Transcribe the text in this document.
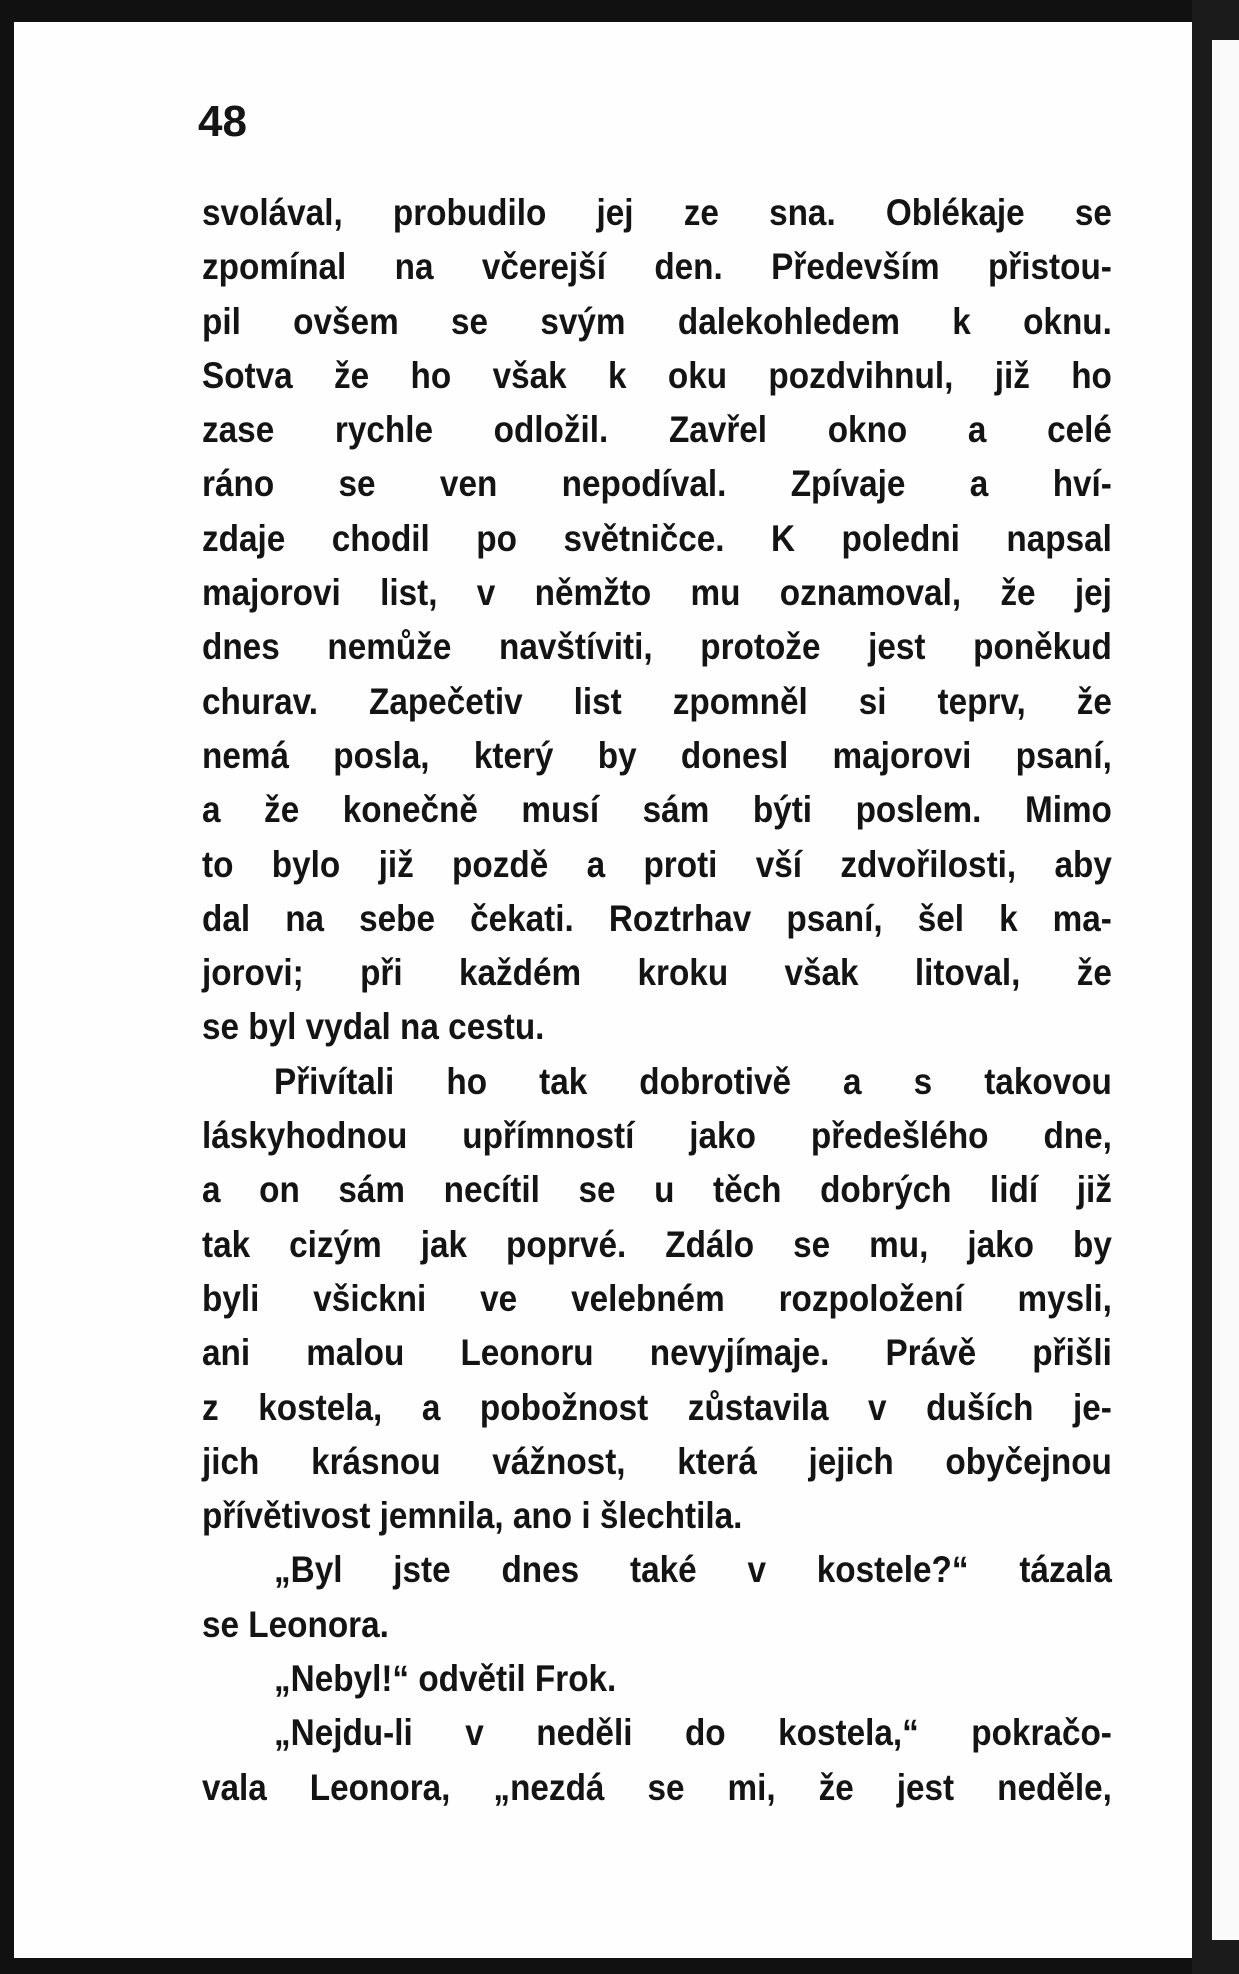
48

svolával, probudilo jej ze sna. Oblékaje se
zpomínal na včerejší den. Především přistou-
pil ovšem se svým dalekohledem k oknu.
Sotva že ho však k oku pozdvihnul, již ho
zase rychle odložil. Zavřel okno a celé
ráno se ven nepodíval. Zpívaje a hví-
zdaje chodil po světničce. K poledni napsal
majorovi list, v němžto mu oznamoval, že jej
dnes nemůže navštíviti, protože jest poněkud
churav. Zapečetiv list zpomněl si teprv, že
nemá posla, který by donesl majorovi psaní,
a že konečně musí sám býti poslem. Mimo
to bylo již pozdě a proti vší zdvořilosti, aby
dal na sebe čekati. Roztrhav psaní, šel k ma-
jorovi; při každém kroku však litoval, že
se byl vydal na cestu.
Přivítali ho tak dobrotivě a s takovou
láskyhodnou upřímností jako předešlého dne,
a on sám necítil se u těch dobrých lidí již
tak cizým jak poprvé. Zdálo se mu, jako by
byli všickni ve velebném rozpoložení mysli,
ani malou Leonoru nevyjímaje. Právě přišli
z kostela, a pobožnost zůstavila v duších je-
jich krásnou vážnost, která jejich obyčejnou
přívětivost jemnila, ano i šlechtila.
„Byl jste dnes také v kostele?“ tázala
se Leonora.
„Nebyl!“ odvětil Frok.
„Nejdu-li v neděli do kostela,“ pokračo-
vala Leonora, „nezdá se mi, že jest neděle,
